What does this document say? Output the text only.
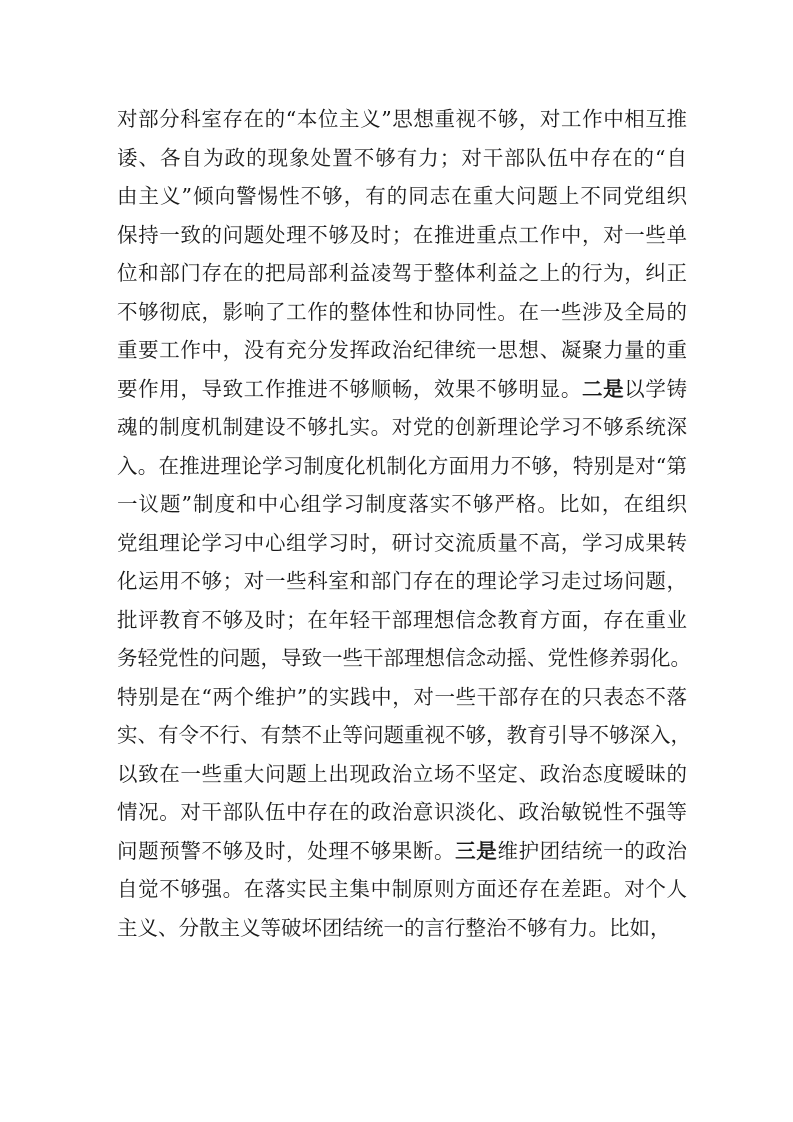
对部分科室存在的“本位主义”思想重视不够，对工作中相互推
诿、各自为政的现象处置不够有力；对干部队伍中存在的“自
由主义”倾向警惕性不够，有的同志在重大问题上不同党组织
保持一致的问题处理不够及时；在推进重点工作中，对一些单
位和部门存在的把局部利益凌驾于整体利益之上的行为，纠正
不够彻底，影响了工作的整体性和协同性。在一些涉及全局的
重要工作中，没有充分发挥政治纪律统一思想、凝聚力量的重
要作用，导致工作推进不够顺畅，效果不够明显。二是以学铸
魂的制度机制建设不够扎实。对党的创新理论学习不够系统深
入。在推进理论学习制度化机制化方面用力不够，特别是对“第
一议题”制度和中心组学习制度落实不够严格。比如，在组织
党组理论学习中心组学习时，研讨交流质量不高，学习成果转
化运用不够；对一些科室和部门存在的理论学习走过场问题，
批评教育不够及时；在年轻干部理想信念教育方面，存在重业
务轻党性的问题，导致一些干部理想信念动摇、党性修养弱化。
特别是在“两个维护”的实践中，对一些干部存在的只表态不落
实、有令不行、有禁不止等问题重视不够，教育引导不够深入，
以致在一些重大问题上出现政治立场不坚定、政治态度暧昧的
情况。对干部队伍中存在的政治意识淡化、政治敏锐性不强等
问题预警不够及时，处理不够果断。三是维护团结统一的政治
自觉不够强。在落实民主集中制原则方面还存在差距。对个人
主义、分散主义等破坏团结统一的言行整治不够有力。比如，
